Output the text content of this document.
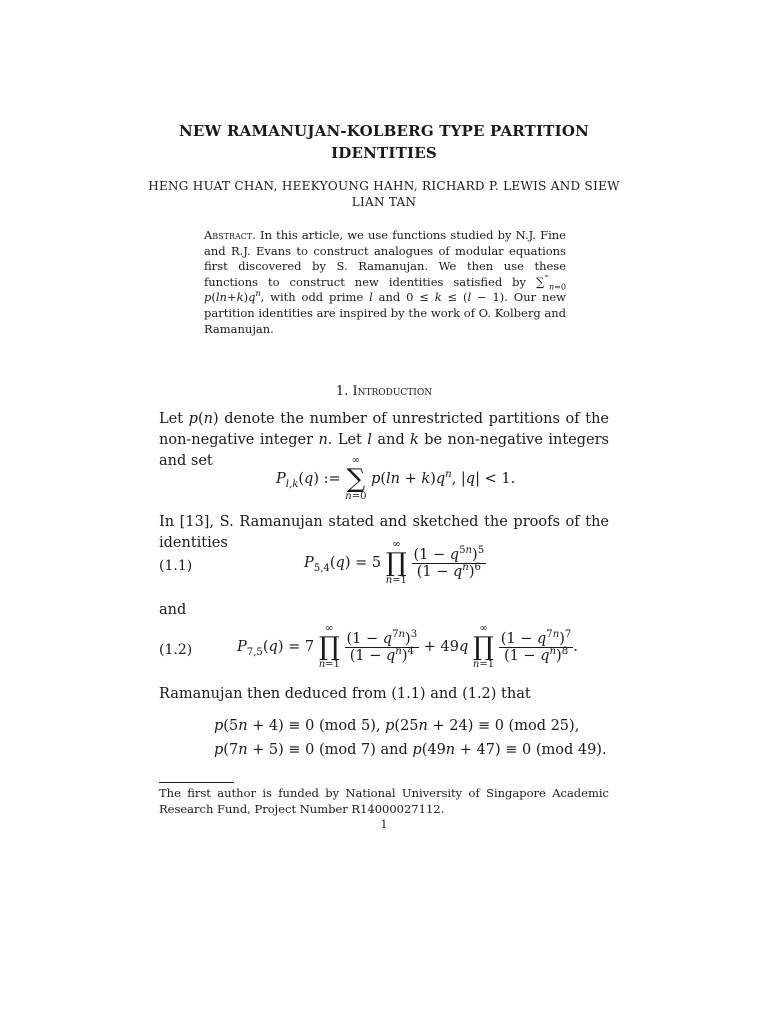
NEW RAMANUJAN-KOLBERG TYPE PARTITION
IDENTITIES
HENG HUAT CHAN, HEEKYOUNG HAHN, RICHARD P. LEWIS AND SIEW
LIAN TAN
Abstract. In this article, we use functions studied by N.J. Fine and R.J. Evans to construct analogues of modular equations first discovered by S. Ramanujan. We then use these functions to construct new identities satisfied by $\sum^{^\infty}_{n=0}$ $p(\ln+k)q^n$, with odd prime l and 0 ≤ k ≤ (l − 1). Our new partition identities are inspired by the work of O. Kolberg and Ramanujan.
1. Introduction
Let p(n) denote the number of unrestricted partitions of the non-negative integer n. Let l and k be non-negative integers and set
$P_{l,k}(q)$ :=
∞
∑
n=0
$p(\ln + k)q^n$, |q| < 1.
In [13], S. Ramanujan stated and sketched the proofs of the identities
(1.1)	$P_{5,4}(q) = 5$
∞
∏
n=1

$\frac{(1 - q^{5n})^5}{(1 - q^n)^6}$
and
(1.2)	$P_{7,5}(q) = 7$
∞
∏
n=1

$\frac{(1 - q^{7n})^3}{(1 - q^n)^4} + 49q$
∞
∏
n=1

$\frac{(1 - q^{7n})^7}{(1 - q^n)^8}$ .
Ramanujan then deduced from (1.1) and (1.2) that
p(5n + 4) ≡ 0 (mod 5), p(25n + 24) ≡ 0 (mod 25),
p(7n + 5) ≡ 0 (mod 7) and p(49n + 47) ≡ 0 (mod 49).
The first author is funded by National University of Singapore Academic Research Fund, Project Number R14000027112.
1
